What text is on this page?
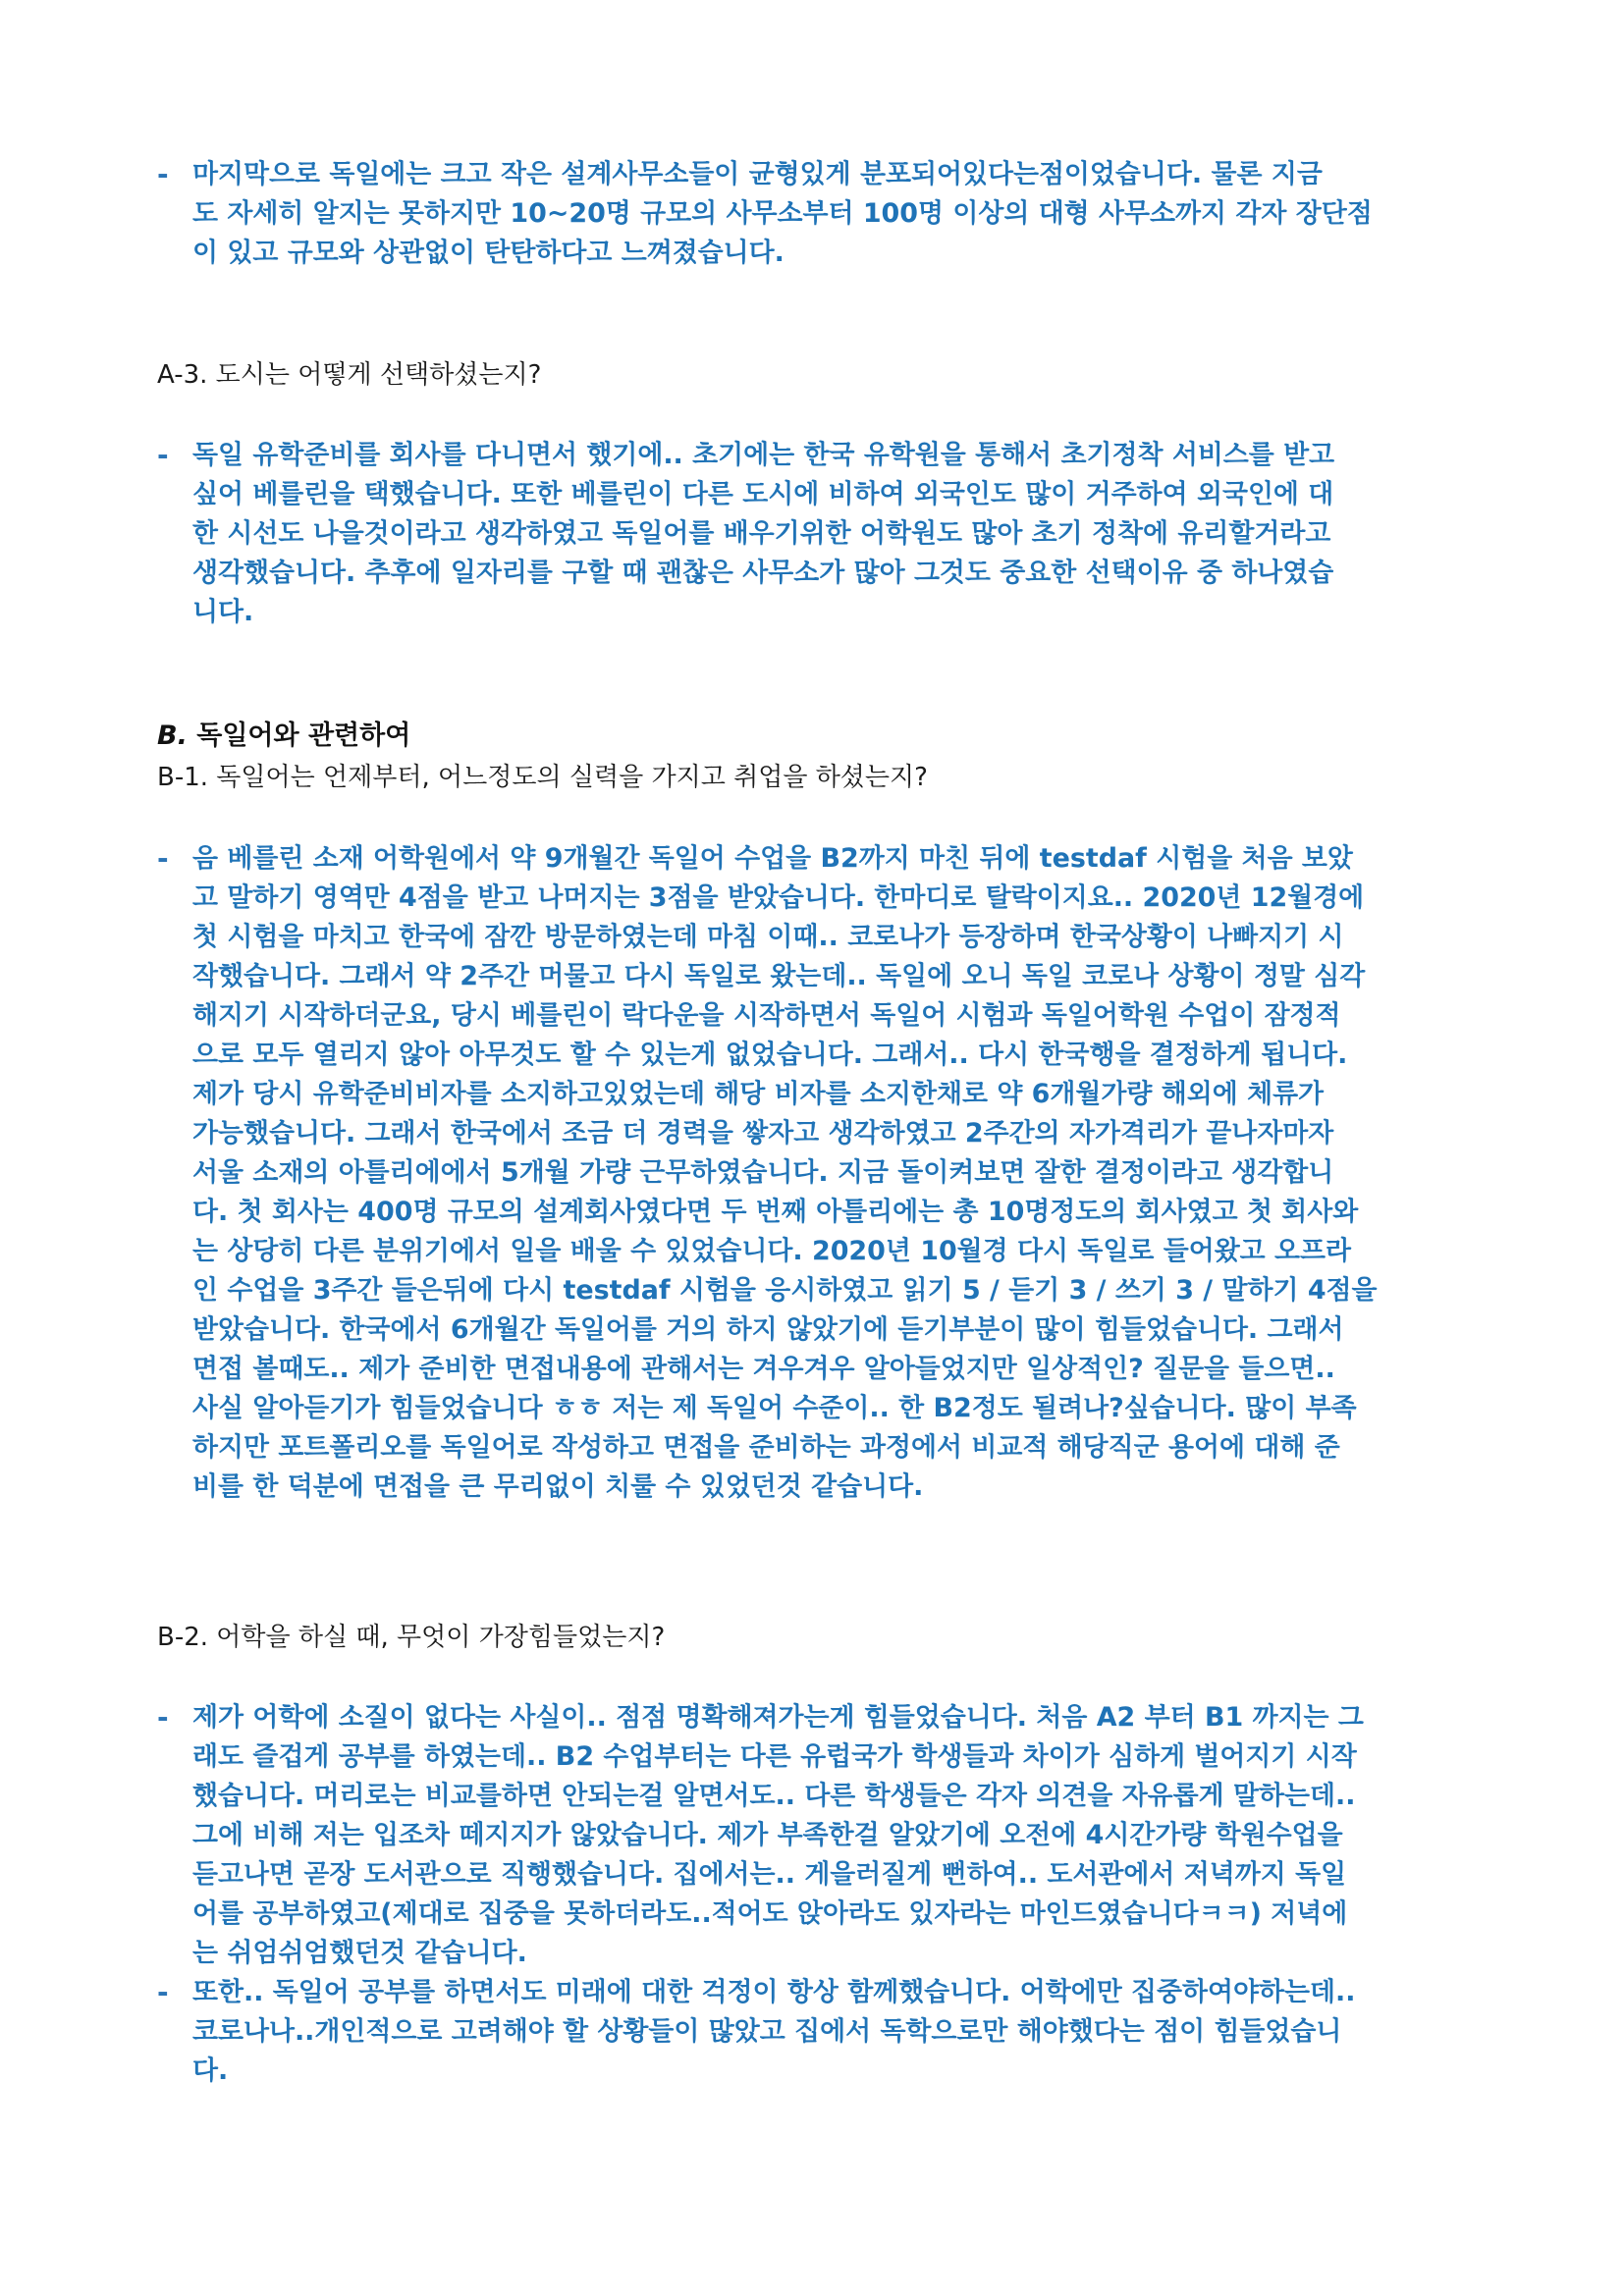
- 마지막으로 독일에는 크고 작은 설계사무소들이 균형있게 분포되어있다는점이었습니다. 물론 지금
도 자세히 알지는 못하지만 10~20명 규모의 사무소부터 100명 이상의 대형 사무소까지 각자 장단점
이 있고 규모와 상관없이 탄탄하다고 느껴졌습니다.
A-3. 도시는 어떻게 선택하셨는지?
- 독일 유학준비를 회사를 다니면서 했기에.. 초기에는 한국 유학원을 통해서 초기정착 서비스를 받고
싶어 베를린을 택했습니다. 또한 베를린이 다른 도시에 비하여 외국인도 많이 거주하여 외국인에 대
한 시선도 나을것이라고 생각하였고 독일어를 배우기위한 어학원도 많아 초기 정착에 유리할거라고
생각했습니다. 추후에 일자리를 구할 때 괜찮은 사무소가 많아 그것도 중요한 선택이유 중 하나였습
니다.
B. 독일어와 관련하여
B-1. 독일어는 언제부터, 어느정도의 실력을 가지고 취업을 하셨는지?
- 음 베를린 소재 어학원에서 약 9개월간 독일어 수업을 B2까지 마친 뒤에 testdaf 시험을 처음 보았
고 말하기 영역만 4점을 받고 나머지는 3점을 받았습니다. 한마디로 탈락이지요.. 2020년 12월경에
첫 시험을 마치고 한국에 잠깐 방문하였는데 마침 이때.. 코로나가 등장하며 한국상황이 나빠지기 시
작했습니다. 그래서 약 2주간 머물고 다시 독일로 왔는데.. 독일에 오니 독일 코로나 상황이 정말 심각
해지기 시작하더군요, 당시 베를린이 락다운을 시작하면서 독일어 시험과 독일어학원 수업이 잠정적
으로 모두 열리지 않아 아무것도 할 수 있는게 없었습니다. 그래서.. 다시 한국행을 결정하게 됩니다.
제가 당시 유학준비비자를 소지하고있었는데 해당 비자를 소지한채로 약 6개월가량 해외에 체류가
가능했습니다. 그래서 한국에서 조금 더 경력을 쌓자고 생각하였고 2주간의 자가격리가 끝나자마자
서울 소재의 아틀리에에서 5개월 가량 근무하였습니다. 지금 돌이켜보면 잘한 결정이라고 생각합니
다. 첫 회사는 400명 규모의 설계회사였다면 두 번째 아틀리에는 총 10명정도의 회사였고 첫 회사와
는 상당히 다른 분위기에서 일을 배울 수 있었습니다. 2020년 10월경 다시 독일로 들어왔고 오프라
인 수업을 3주간 들은뒤에 다시 testdaf 시험을 응시하였고 읽기 5 / 듣기 3 / 쓰기 3 / 말하기 4점을
받았습니다. 한국에서 6개월간 독일어를 거의 하지 않았기에 듣기부분이 많이 힘들었습니다. 그래서
면접 볼때도.. 제가 준비한 면접내용에 관해서는 겨우겨우 알아들었지만 일상적인? 질문을 들으면..
사실 알아듣기가 힘들었습니다 ㅎㅎ 저는 제 독일어 수준이.. 한 B2정도 될려나?싶습니다. 많이 부족
하지만 포트폴리오를 독일어로 작성하고 면접을 준비하는 과정에서 비교적 해당직군 용어에 대해 준
비를 한 덕분에 면접을 큰 무리없이 치룰 수 있었던것 같습니다.
B-2. 어학을 하실 때, 무엇이 가장힘들었는지?
- 제가 어학에 소질이 없다는 사실이.. 점점 명확해져가는게 힘들었습니다. 처음 A2 부터 B1 까지는 그
래도 즐겁게 공부를 하였는데.. B2 수업부터는 다른 유럽국가 학생들과 차이가 심하게 벌어지기 시작
했습니다. 머리로는 비교를하면 안되는걸 알면서도.. 다른 학생들은 각자 의견을 자유롭게 말하는데..
그에 비해 저는 입조차 떼지지가 않았습니다. 제가 부족한걸 알았기에 오전에 4시간가량 학원수업을
듣고나면 곧장 도서관으로 직행했습니다. 집에서는.. 게을러질게 뻔하여.. 도서관에서 저녁까지 독일
어를 공부하였고(제대로 집중을 못하더라도..적어도 앉아라도 있자라는 마인드였습니다ㅋㅋ) 저녁에
는 쉬엄쉬엄했던것 같습니다.
- 또한.. 독일어 공부를 하면서도 미래에 대한 걱정이 항상 함께했습니다. 어학에만 집중하여야하는데..
코로나나..개인적으로 고려해야 할 상황들이 많았고 집에서 독학으로만 해야했다는 점이 힘들었습니
다.
